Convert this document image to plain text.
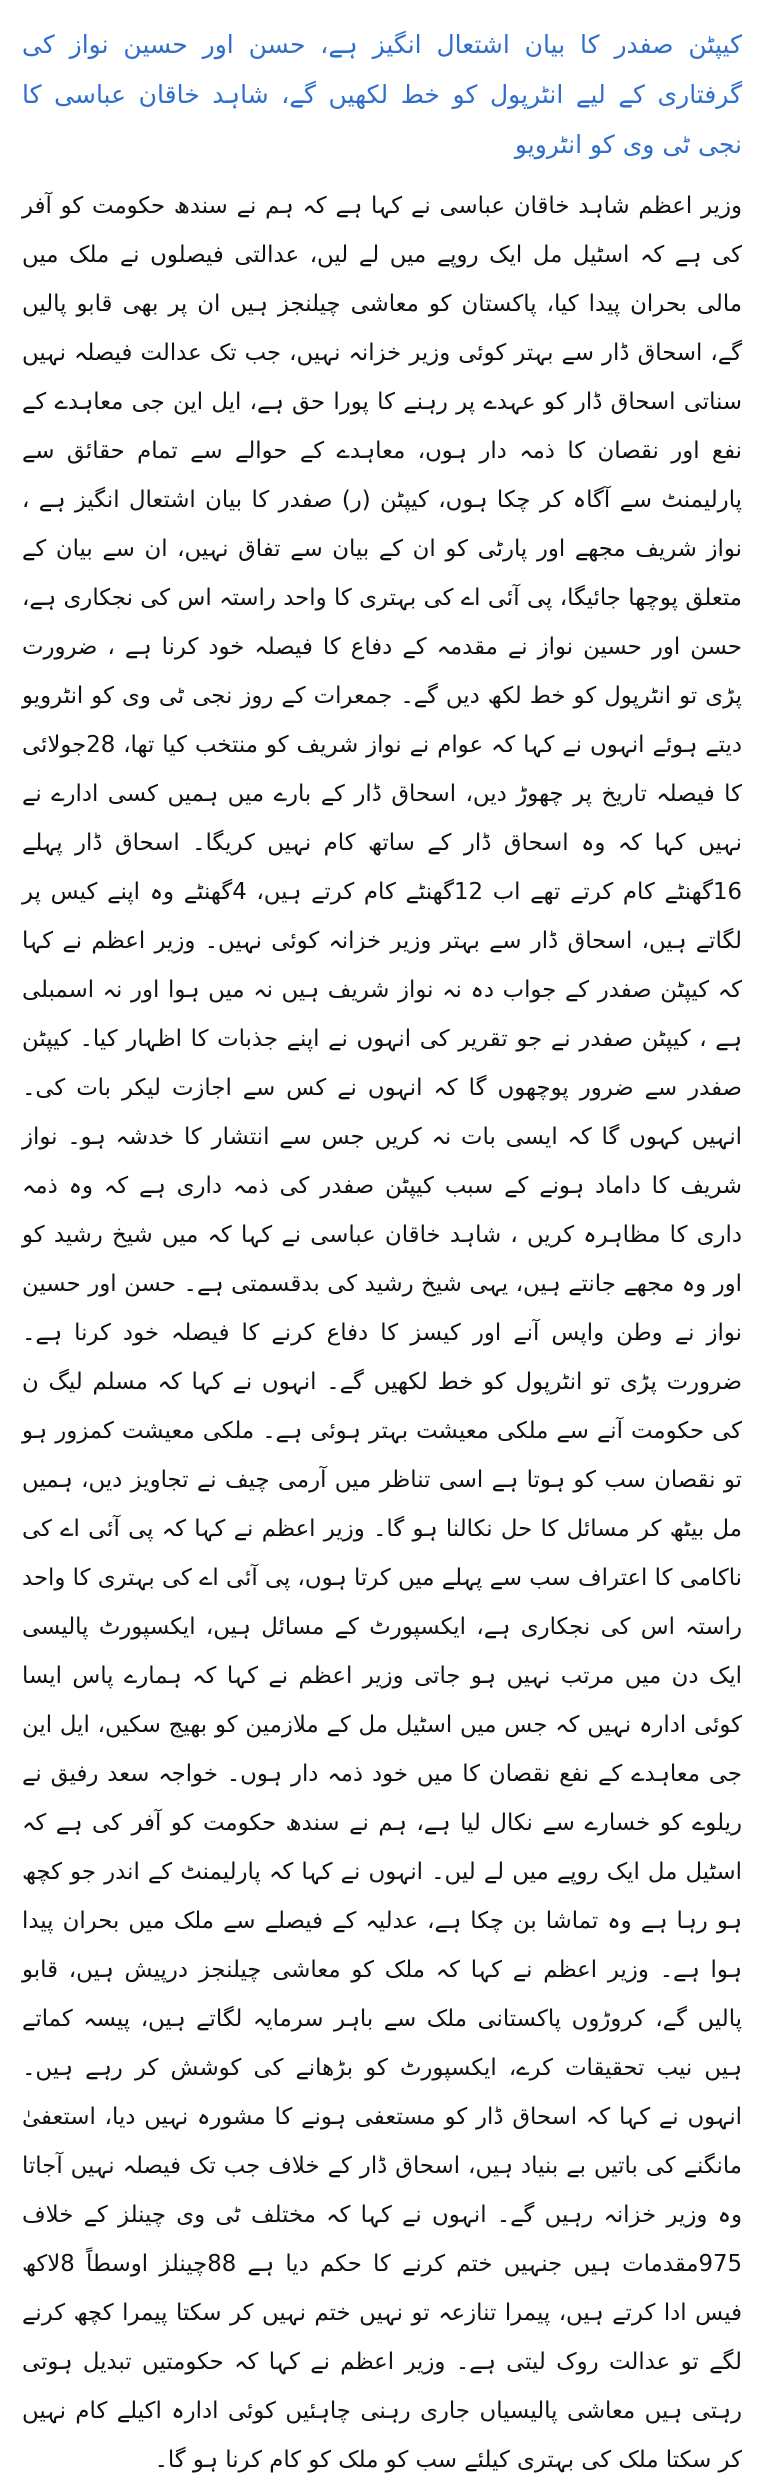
کیپٹن صفدر کا بیان اشتعال انگیز ہے، حسن اور حسین نواز کی گرفتاری کے لیے انٹرپول کو خط لکھیں گے، شاہد خاقان عباسی کا نجی ٹی وی کو انٹرویو

وزیر اعظم شاہد خاقان عباسی نے کہا ہے کہ ہم نے سندھ حکومت کو آفر کی ہے کہ اسٹیل مل ایک روپے میں لے لیں، عدالتی فیصلوں نے ملک میں مالی بحران پیدا کیا، پاکستان کو معاشی چیلنجز ہیں ان پر بھی قابو پالیں گے، اسحاق ڈار سے بہتر کوئی وزیر خزانہ نہیں، جب تک عدالت فیصلہ نہیں سناتی اسحاق ڈار کو عہدے پر رہنے کا پورا حق ہے، ایل این جی معاہدے کے نفع اور نقصان کا ذمہ دار ہوں، معاہدے کے حوالے سے تمام حقائق سے پارلیمنٹ سے آگاہ کر چکا ہوں، کیپٹن (ر) صفدر کا بیان اشتعال انگیز ہے ، نواز شریف مجھے اور پارٹی کو ان کے بیان سے تفاق نہیں، ان سے بیان کے متعلق پوچھا جائیگا، پی آئی اے کی بہتری کا واحد راستہ اس کی نجکاری ہے، حسن اور حسین نواز نے مقدمہ کے دفاع کا فیصلہ خود کرنا ہے ، ضرورت پڑی تو انٹرپول کو خط لکھ دیں گے۔ جمعرات کے روز نجی ٹی وی کو انٹرویو دیتے ہوئے انہوں نے کہا کہ عوام نے نواز شریف کو منتخب کیا تھا، 28جولائی کا فیصلہ تاریخ پر چھوڑ دیں، اسحاق ڈار کے بارے میں ہمیں کسی ادارے نے نہیں کہا کہ وہ اسحاق ڈار کے ساتھ کام نہیں کریگا۔ اسحاق ڈار پہلے 16گھنٹے کام کرتے تھے اب 12گھنٹے کام کرتے ہیں، 4گھنٹے وہ اپنے کیس پر لگاتے ہیں، اسحاق ڈار سے بہتر وزیر خزانہ کوئی نہیں۔ وزیر اعظم نے کہا کہ کیپٹن صفدر کے جواب دہ نہ نواز شریف ہیں نہ میں ہوا اور نہ اسمبلی ہے ، کیپٹن صفدر نے جو تقریر کی انہوں نے اپنے جذبات کا اظہار کیا۔ کیپٹن صفدر سے ضرور پوچھوں گا کہ انہوں نے کس سے اجازت لیکر بات کی۔ انہیں کہوں گا کہ ایسی بات نہ کریں جس سے انتشار کا خدشہ ہو۔ نواز شریف کا داماد ہونے کے سبب کیپٹن صفدر کی ذمہ داری ہے کہ وہ ذمہ داری کا مظاہرہ کریں ، شاہد خاقان عباسی نے کہا کہ میں شیخ رشید کو اور وہ مجھے جانتے ہیں، یہی شیخ رشید کی بدقسمتی ہے۔ حسن اور حسین نواز نے وطن واپس آنے اور کیسز کا دفاع کرنے کا فیصلہ خود کرنا ہے۔ ضرورت پڑی تو انٹرپول کو خط لکھیں گے۔ انہوں نے کہا کہ مسلم لیگ ن کی حکومت آنے سے ملکی معیشت بہتر ہوئی ہے۔ ملکی معیشت کمزور ہو تو نقصان سب کو ہوتا ہے اسی تناظر میں آرمی چیف نے تجاویز دیں، ہمیں مل بیٹھ کر مسائل کا حل نکالنا ہو گا۔ وزیر اعظم نے کہا کہ پی آئی اے کی ناکامی کا اعتراف سب سے پہلے میں کرتا ہوں، پی آئی اے کی بہتری کا واحد راستہ اس کی نجکاری ہے، ایکسپورٹ کے مسائل ہیں، ایکسپورٹ پالیسی ایک دن میں مرتب نہیں ہو جاتی وزیر اعظم نے کہا کہ ہمارے پاس ایسا کوئی ادارہ نہیں کہ جس میں اسٹیل مل کے ملازمین کو بھیج سکیں، ایل این جی معاہدے کے نفع نقصان کا میں خود ذمہ دار ہوں۔ خواجہ سعد رفیق نے ریلوے کو خسارے سے نکال لیا ہے، ہم نے سندھ حکومت کو آفر کی ہے کہ اسٹیل مل ایک روپے میں لے لیں۔ انہوں نے کہا کہ پارلیمنٹ کے اندر جو کچھ ہو رہا ہے وہ تماشا بن چکا ہے، عدلیہ کے فیصلے سے ملک میں بحران پیدا ہوا ہے۔ وزیر اعظم نے کہا کہ ملک کو معاشی چیلنجز درپیش ہیں، قابو پالیں گے، کروڑوں پاکستانی ملک سے باہر سرمایہ لگاتے ہیں، پیسہ کماتے ہیں نیب تحقیقات کرے، ایکسپورٹ کو بڑھانے کی کوشش کر رہے ہیں۔ انہوں نے کہا کہ اسحاق ڈار کو مستعفی ہونے کا مشورہ نہیں دیا، استعفیٰ مانگنے کی باتیں بے بنیاد ہیں، اسحاق ڈار کے خلاف جب تک فیصلہ نہیں آجاتا وہ وزیر خزانہ رہیں گے۔ انہوں نے کہا کہ مختلف ٹی وی چینلز کے خلاف 975مقدمات ہیں جنہیں ختم کرنے کا حکم دیا ہے 88چینلز اوسطاً 8لاکھ فیس ادا کرتے ہیں، پیمرا تنازعہ تو نہیں ختم نہیں کر سکتا پیمرا کچھ کرنے لگے تو عدالت روک لیتی ہے۔ وزیر اعظم نے کہا کہ حکومتیں تبدیل ہوتی رہتی ہیں معاشی پالیسیاں جاری رہنی چاہئیں کوئی ادارہ اکیلے کام نہیں کر سکتا ملک کی بہتری کیلئے سب کو ملک کو کام کرنا ہو گا۔
